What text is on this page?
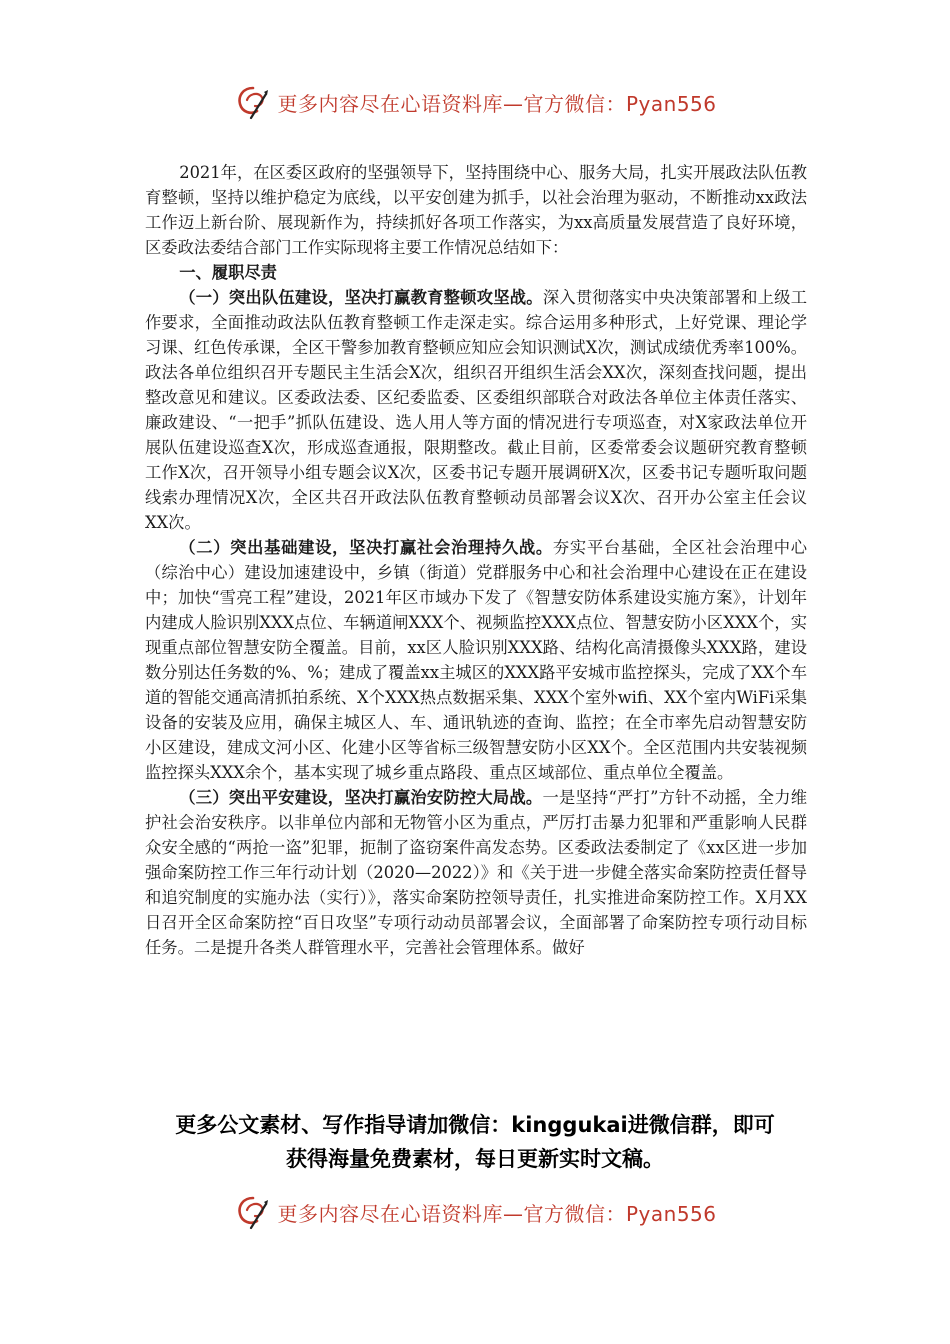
更多内容尽在心语资料库—官方微信：Pyan556

2021年，在区委区政府的坚强领导下，坚持围绕中心、服务大局，扎实开展政法队伍教育整顿，坚持以维护稳定为底线，以平安创建为抓手，以社会治理为驱动，不断推动xx政法工作迈上新台阶、展现新作为，持续抓好各项工作落实，为xx高质量发展营造了良好环境，区委政法委结合部门工作实际现将主要工作情况总结如下：

一、履职尽责

（一）突出队伍建设，坚决打赢教育整顿攻坚战。深入贯彻落实中央决策部署和上级工作要求，全面推动政法队伍教育整顿工作走深走实。综合运用多种形式，上好党课、理论学习课、红色传承课，全区干警参加教育整顿应知应会知识测试X次，测试成绩优秀率100%。政法各单位组织召开专题民主生活会X次，组织召开组织生活会XX次，深刻查找问题，提出整改意见和建议。区委政法委、区纪委监委、区委组织部联合对政法各单位主体责任落实、廉政建设、“一把手”抓队伍建设、选人用人等方面的情况进行专项巡查，对X家政法单位开展队伍建设巡查X次，形成巡查通报，限期整改。截止目前，区委常委会议题研究教育整顿工作X次，召开领导小组专题会议X次，区委书记专题开展调研X次，区委书记专题听取问题线索办理情况X次，全区共召开政法队伍教育整顿动员部署会议X次、召开办公室主任会议XX次。

（二）突出基础建设，坚决打赢社会治理持久战。夯实平台基础，全区社会治理中心（综治中心）建设加速建设中，乡镇（街道）党群服务中心和社会治理中心建设在正在建设中；加快“雪亮工程”建设，2021年区市域办下发了《智慧安防体系建设实施方案》，计划年内建成人脸识别XXX点位、车辆道闸XXX个、视频监控XXX点位、智慧安防小区XXX个，实现重点部位智慧安防全覆盖。目前，xx区人脸识别XXX路、结构化高清摄像头XXX路，建设数分别达任务数的%、%；建成了覆盖xx主城区的XXX路平安城市监控探头，完成了XX个车道的智能交通高清抓拍系统、X个XXX热点数据采集、XXX个室外wifi、XX个室内WiFi采集设备的安装及应用，确保主城区人、车、通讯轨迹的查询、监控；在全市率先启动智慧安防小区建设，建成文河小区、化建小区等省标三级智慧安防小区XX个。全区范围内共安装视频监控探头XXX余个，基本实现了城乡重点路段、重点区域部位、重点单位全覆盖。

（三）突出平安建设，坚决打赢治安防控大局战。一是坚持“严打”方针不动摇，全力维护社会治安秩序。以非单位内部和无物管小区为重点，严厉打击暴力犯罪和严重影响人民群众安全感的“两抢一盗”犯罪，扼制了盗窃案件高发态势。区委政法委制定了《xx区进一步加强命案防控工作三年行动计划（2020—2022）》和《关于进一步健全落实命案防控责任督导和追究制度的实施办法（实行）》，落实命案防控领导责任，扎实推进命案防控工作。X月XX日召开全区命案防控“百日攻坚”专项行动动员部署会议，全面部署了命案防控专项行动目标任务。二是提升各类人群管理水平，完善社会管理体系。做好

更多公文素材、写作指导请加微信：kinggukai进微信群，即可
获得海量免费素材，每日更新实时文稿。
更多内容尽在心语资料库—官方微信：Pyan556
